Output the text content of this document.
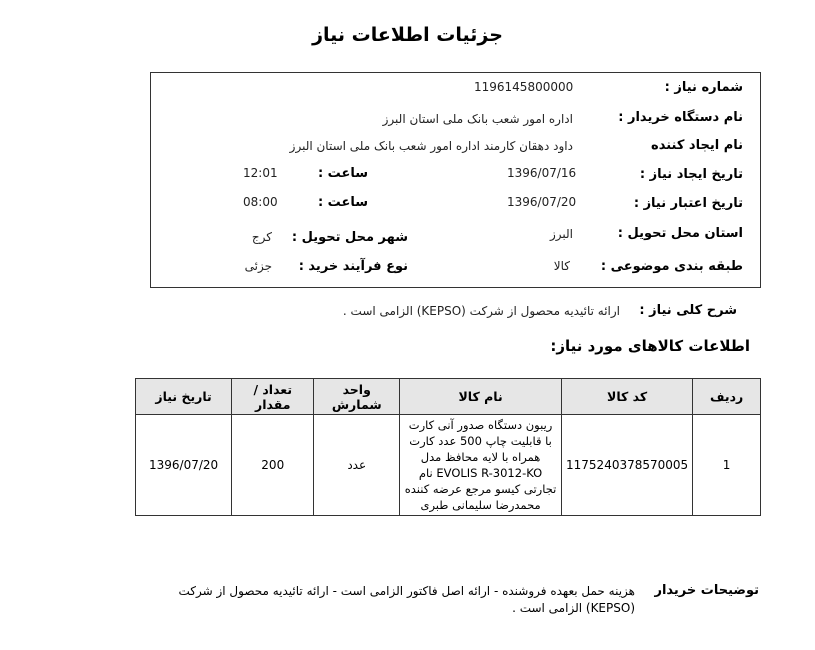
جزئیات اطلاعات نیاز
شماره نیاز :
1196145800000
نام دستگاه خریدار :
اداره امور شعب بانک ملی استان البرز
نام ایجاد کننده
داود دهقان کارمند اداره امور شعب بانک ملی استان البرز
تاریخ ایجاد نیاز :
1396/07/16
ساعت :
12:01
تاریخ اعتبار نیاز :
1396/07/20
ساعت :
08:00
استان محل تحویل :
البرز
شهر محل تحویل :
کرج
طبقه بندی موضوعی :
کالا
نوع فرآیند خرید :
جزئی
شرح کلی نیاز :
ارائه تائیدیه محصول از شرکت (KEPSO) الزامی است .
اطلاعات کالاهای مورد نیاز:
تاریخ نیاز	تعداد / مقدار	واحد شمارش	نام کالا	کد کالا	ردیف
1396/07/20	200	عدد	ریبون دستگاه صدور آنی کارت با قابلیت چاپ 500 عدد کارت همراه با لایه محافظ مدل EVOLIS R-3012-KO نام تجارتی کیسو مرجع عرضه کننده محمدرضا سلیمانی طبری	1175240378570005	1
توضیحات خریدار
هزینه حمل بعهده فروشنده - ارائه اصل فاکتور الزامی است - ارائه تائیدیه محصول از شرکت (KEPSO) الزامی است .
